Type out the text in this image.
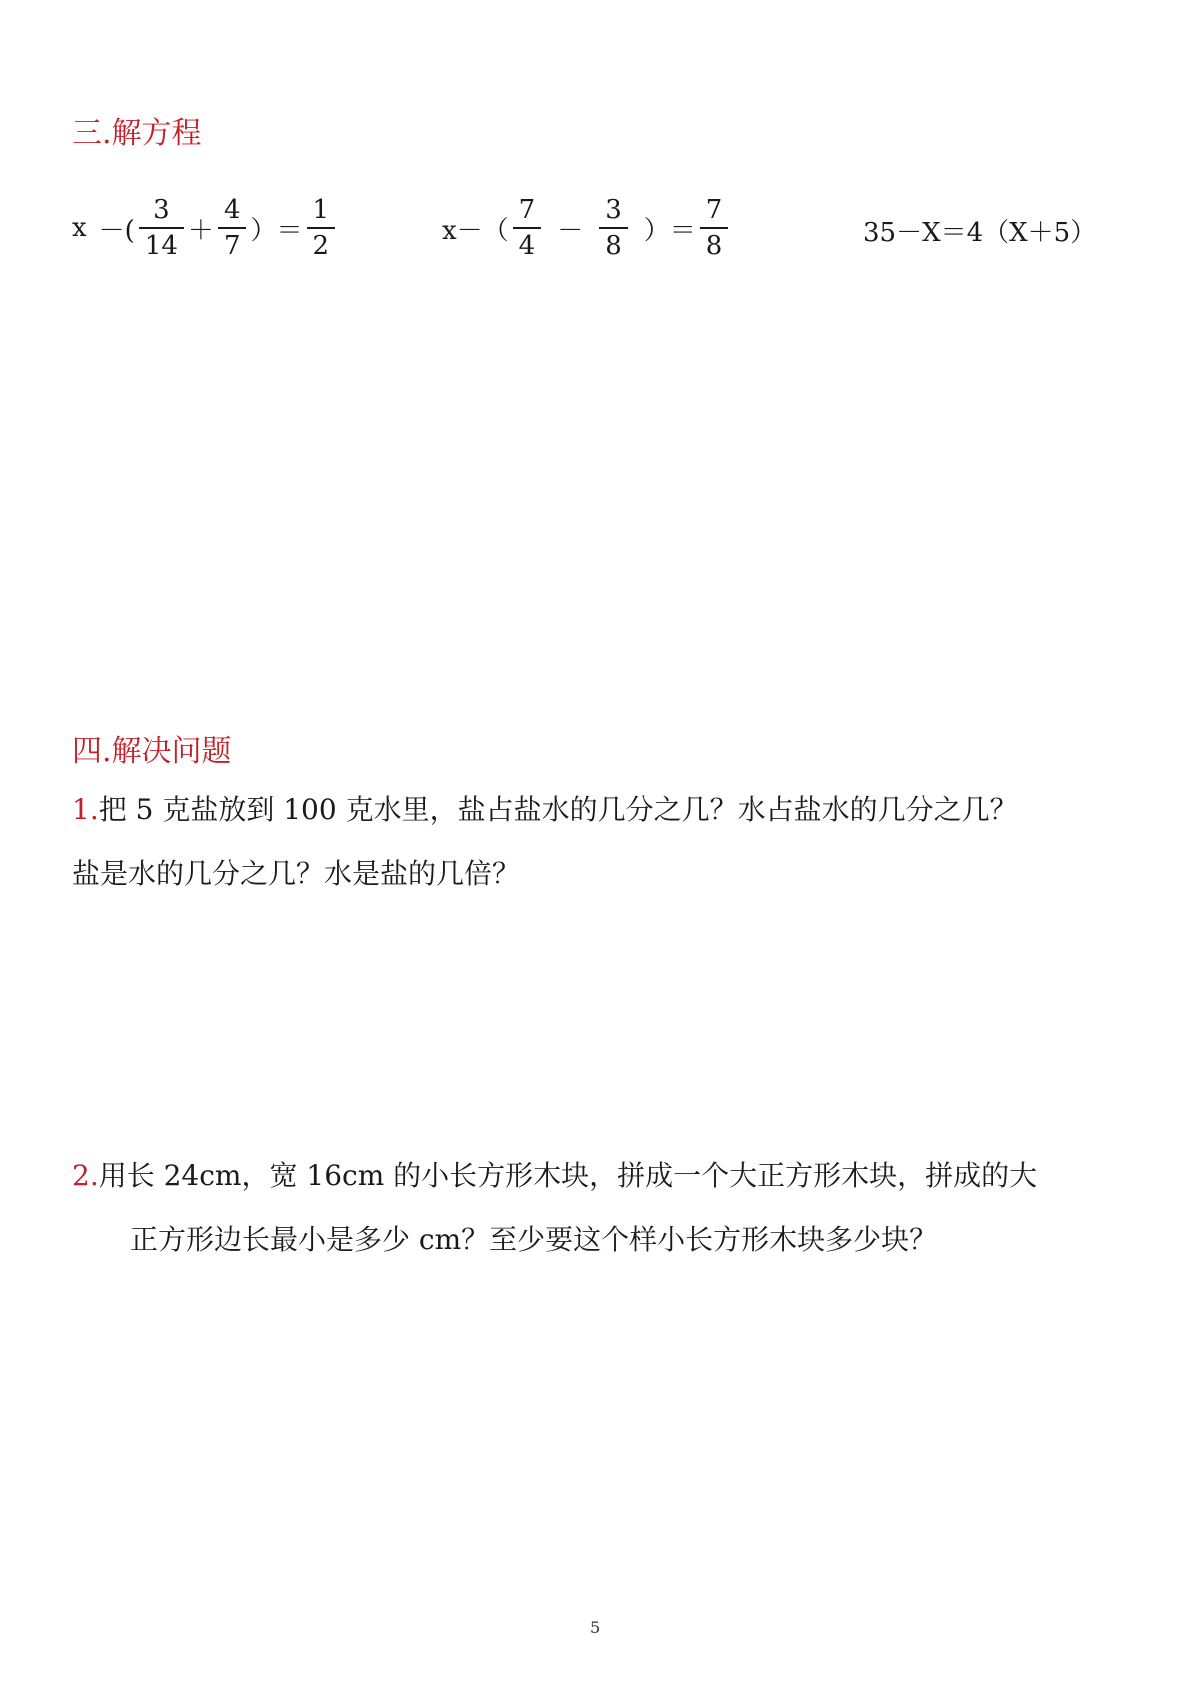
三.解方程
x －( $\frac{3}{14} + \frac{4}{7}$ ）＝ $\frac{1}{2}$	$x-( \frac{7}{4} - \frac{3}{8}$ ）＝ $\frac{7}{8}$	35－X＝4（X＋5）
四.解决问题
1.把 5 克盐放到 100 克水里，盐占盐水的几分之几？水占盐水的几分之几？
盐是水的几分之几？水是盐的几倍？
2.用长 24cm，宽 16cm 的小长方形木块，拼成一个大正方形木块，拼成的大
正方形边长最小是多少 cm？至少要这个样小长方形木块多少块？
5
